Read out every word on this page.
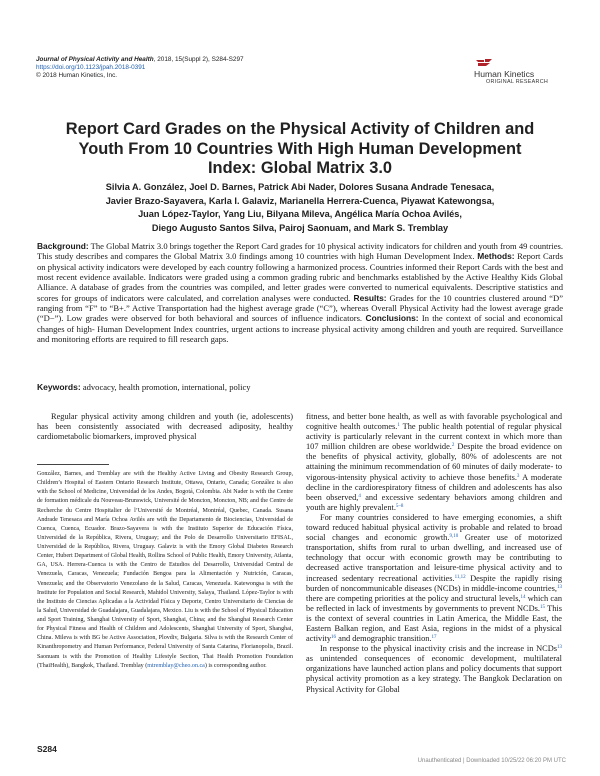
Journal of Physical Activity and Health, 2018, 15(Suppl 2), S284-S297
https://doi.org/10.1123/jpah.2018-0391
© 2018 Human Kinetics, Inc.	Human Kinetics
ORIGINAL RESEARCH
Report Card Grades on the Physical Activity of Children and Youth From 10 Countries With High Human Development Index: Global Matrix 3.0
Silvia A. González, Joel D. Barnes, Patrick Abi Nader, Dolores Susana Andrade Tenesaca,
Javier Brazo-Sayavera, Karla I. Galaviz, Marianella Herrera-Cuenca, Piyawat Katewongsa,
Juan López-Taylor, Yang Liu, Bilyana Mileva, Angélica María Ochoa Avilés,
Diego Augusto Santos Silva, Pairoj Saonuam, and Mark S. Tremblay
Background: The Global Matrix 3.0 brings together the Report Card grades for 10 physical activity indicators for children and youth from 49 countries. This study describes and compares the Global Matrix 3.0 findings among 10 countries with high Human Development Index. Methods: Report Cards on physical activity indicators were developed by each country following a harmonized process. Countries informed their Report Cards with the best and most recent evidence available. Indicators were graded using a common grading rubric and benchmarks established by the Active Healthy Kids Global Alliance. A database of grades from the countries was compiled, and letter grades were converted to numerical equivalents. Descriptive statistics and scores for groups of indicators were calculated, and correlation analyses were conducted. Results: Grades for the 10 countries clustered around “D” ranging from “F” to “B+.” Active Transportation had the highest average grade (“C”), whereas Overall Physical Activity had the lowest average grade (“D−”). Low grades were observed for both behavioral and sources of influence indicators. Conclusions: In the context of social and economical changes of high- Human Development Index countries, urgent actions to increase physical activity among children and youth are required. Surveillance and monitoring efforts are required to fill research gaps.
Keywords: advocacy, health promotion, international, policy

Regular physical activity among children and youth (ie, adolescents) has been consistently associated with decreased adiposity, healthy cardiometabolic biomarkers, improved physical

González, Barnes, and Tremblay are with the Healthy Active Living and Obesity Research Group, Children’s Hospital of Eastern Ontario Research Institute, Ottawa, Ontario, Canada; González is also with the School of Medicine, Universidad de los Andes, Bogotá, Colombia. Abi Nader is with the Centre de formation médicale du Nouveau-Brunswick, Université de Moncton, Moncton, NB; and the Centre de Recherche du Centre Hospitalier de l’Université de Montréal, Montréal, Quebec, Canada. Susana Andrade Tenesaca and María Ochoa Avilés are with the Departamento de Biociencias, Universidad de Cuenca, Cuenca, Ecuador. Brazo-Sayavera is with the Instituto Superior de Educación Física, Universidad de la República, Rivera, Uruguay; and the Polo de Desarrollo Universitario EFISAL, Universidad de la República, Rivera, Uruguay. Galaviz is with the Emory Global Diabetes Research Center, Hubert Department of Global Health, Rollins School of Public Health, Emory University, Atlanta, GA, USA. Herrera-Cuenca is with the Centro de Estudios del Desarrollo, Universidad Central de Venezuela, Caracas, Venezuela; Fundación Bengoa para la Alimentación y Nutrición, Caracas, Venezuela; and the Observatorio Venezolano de la Salud, Caracas, Venezuela. Katewongsa is with the Institute for Population and Social Research, Mahidol University, Salaya, Thailand. López-Taylor is with the Instituto de Ciencias Aplicadas a la Actividad Física y Deporte, Centro Universitario de Ciencias de la Salud, Universidad de Guadalajara, Guadalajara, Mexico. Liu is with the School of Physical Education and Sport Training, Shanghai University of Sport, Shanghai, China; and the Shanghai Research Center for Physical Fitness and Health of Children and Adolescents, Shanghai University of Sport, Shanghai, China. Mileva is with BG be Active Association, Plovdiv, Bulgaria. Silva is with the Research Center of Kinanthropometry and Human Performance, Federal University of Santa Catarina, Florianopolis, Brazil. Saonuam is with the Promotion of Healthy Lifestyle Section, Thai Health Promotion Foundation (ThaiHealth), Bangkok, Thailand. Tremblay (mtremblay@cheo.on.ca) is corresponding author.

fitness, and better bone health, as well as with favorable psychological and cognitive health outcomes.$^1$ The public health potential of regular physical activity is particularly relevant in the current context in which more than 107 million children are obese worldwide.$^2$ Despite the broad evidence on the benefits of physical activity, globally, 80% of adolescents are not attaining the minimum recommendation of 60 minutes of daily moderate- to vigorous-intensity physical activity to achieve those benefits.$^3$ A moderate decline in the cardiorespiratory fitness of children and adolescents has also been observed,$^4$ and excessive sedentary behaviors among children and youth are highly prevalent.$^{5-8}$

For many countries considered to have emerging economies, a shift toward reduced habitual physical activity is probable and related to broad social changes and economic growth.$^{9,10}$ Greater use of motorized transportation, shifts from rural to urban dwelling, and increased use of technology that occur with economic growth may be contributing to decreased active transportation and leisure-time physical activity and to increased sedentary recreational activities.$^{11,12}$ Despite the rapidly rising burden of noncommunicable diseases (NCDs) in middle-income countries,$^{13}$ there are competing priorities at the policy and structural levels,$^{14}$ which can be reflected in lack of investments by governments to prevent NCDs.$^{15}$ This is the context of several countries in Latin America, the Middle East, the Eastern Balkan region, and East Asia, regions in the midst of a physical activity$^{16}$ and demographic transition.$^{17}$

In response to the physical inactivity crisis and the increase in NCDs$^{13}$ as unintended consequences of economic development, multilateral organizations have launched action plans and policy documents that support physical activity promotion as a key strategy. The Bangkok Declaration on Physical Activity for Global

S284
Unauthenticated | Downloaded 10/25/22 06:20 PM UTC
